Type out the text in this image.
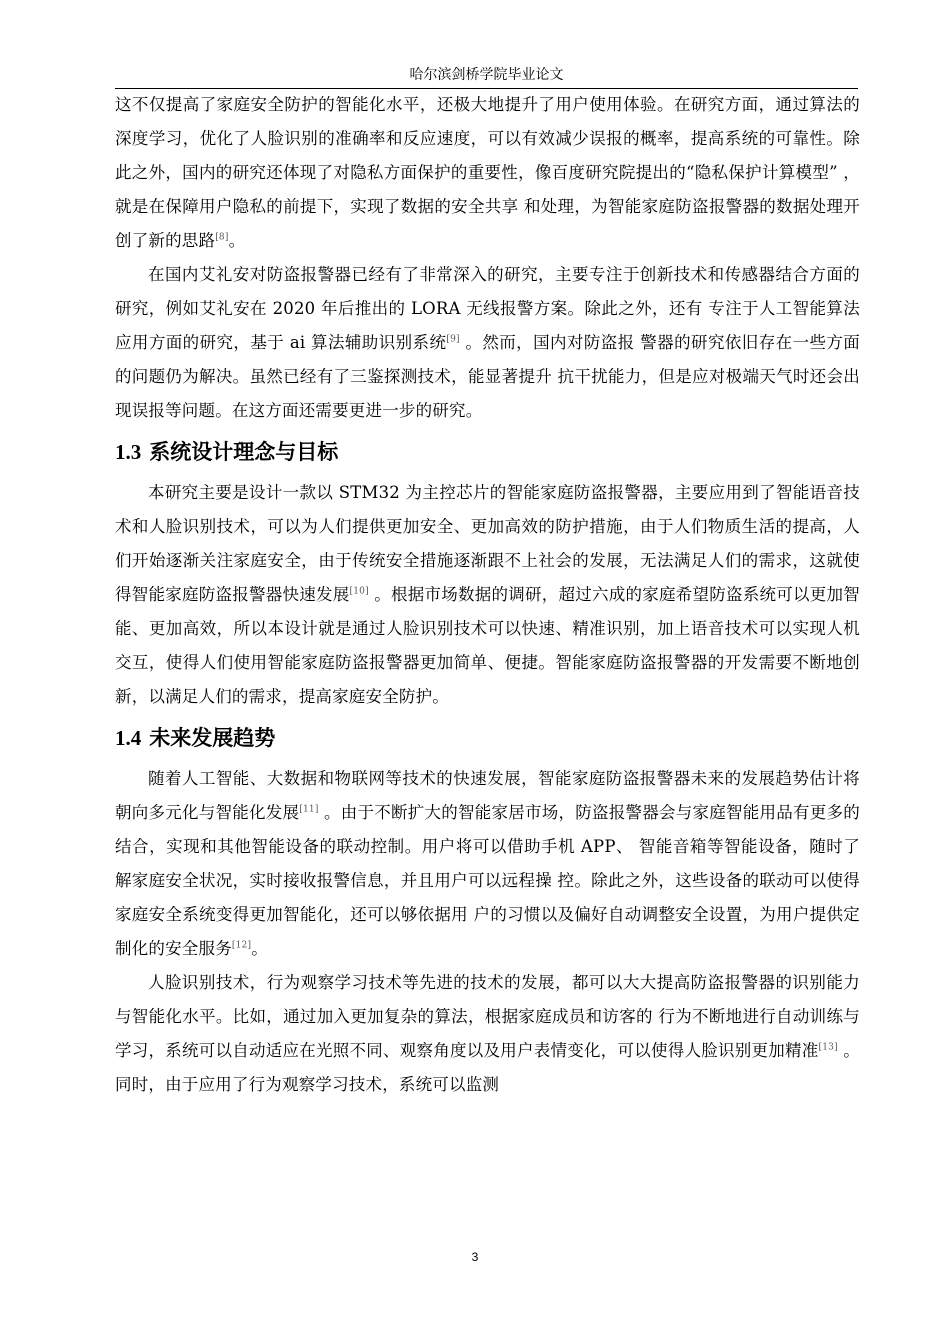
哈尔滨剑桥学院毕业论文

这不仅提高了家庭安全防护的智能化水平，还极大地提升了用户使用体验。在研究方面，通过算法的深度学习，优化了人脸识别的准确率和反应速度，可以有效减少误报的概率，提高系统的可靠性。除此之外，国内的研究还体现了对隐私方面保护的重要性，像百度研究院提出的“隐私保护计算模型” ，就是在保障用户隐私的前提下，实现了数据的安全共享 和处理，为智能家庭防盗报警器的数据处理开创了新的思路[8]。

在国内艾礼安对防盗报警器已经有了非常深入的研究，主要专注于创新技术和传感器结合方面的研究，例如艾礼安在 2020 年后推出的 LORA 无线报警方案。除此之外，还有 专注于人工智能算法应用方面的研究，基于 ai 算法辅助识别系统[9] 。然而，国内对防盗报 警器的研究依旧存在一些方面的问题仍为解决。虽然已经有了三鉴探测技术，能显著提升 抗干扰能力，但是应对极端天气时还会出现误报等问题。在这方面还需要更进一步的研究。

1.3 系统设计理念与目标

本研究主要是设计一款以 STM32 为主控芯片的智能家庭防盗报警器，主要应用到了智能语音技术和人脸识别技术，可以为人们提供更加安全、更加高效的防护措施，由于人们物质生活的提高，人们开始逐渐关注家庭安全，由于传统安全措施逐渐跟不上社会的发展，无法满足人们的需求，这就使得智能家庭防盗报警器快速发展[10] 。根据市场数据的调研，超过六成的家庭希望防盗系统可以更加智能、更加高效，所以本设计就是通过人脸识别技术可以快速、精准识别，加上语音技术可以实现人机交互，使得人们使用智能家庭防盗报警器更加简单、便捷。智能家庭防盗报警器的开发需要不断地创新，以满足人们的需求，提高家庭安全防护。

1.4 未来发展趋势

随着人工智能、大数据和物联网等技术的快速发展，智能家庭防盗报警器未来的发展趋势估计将朝向多元化与智能化发展[11] 。由于不断扩大的智能家居市场，防盗报警器会与家庭智能用品有更多的结合，实现和其他智能设备的联动控制。用户将可以借助手机 APP、 智能音箱等智能设备，随时了解家庭安全状况，实时接收报警信息，并且用户可以远程操 控。除此之外，这些设备的联动可以使得家庭安全系统变得更加智能化，还可以够依据用 户的习惯以及偏好自动调整安全设置，为用户提供定制化的安全服务[12]。

人脸识别技术，行为观察学习技术等先进的技术的发展，都可以大大提高防盗报警器的识别能力与智能化水平。比如，通过加入更加复杂的算法，根据家庭成员和访客的 行为不断地进行自动训练与学习，系统可以自动适应在光照不同、观察角度以及用户表情变化，可以使得人脸识别更加精准[13] 。同时，由于应用了行为观察学习技术，系统可以监测

3
